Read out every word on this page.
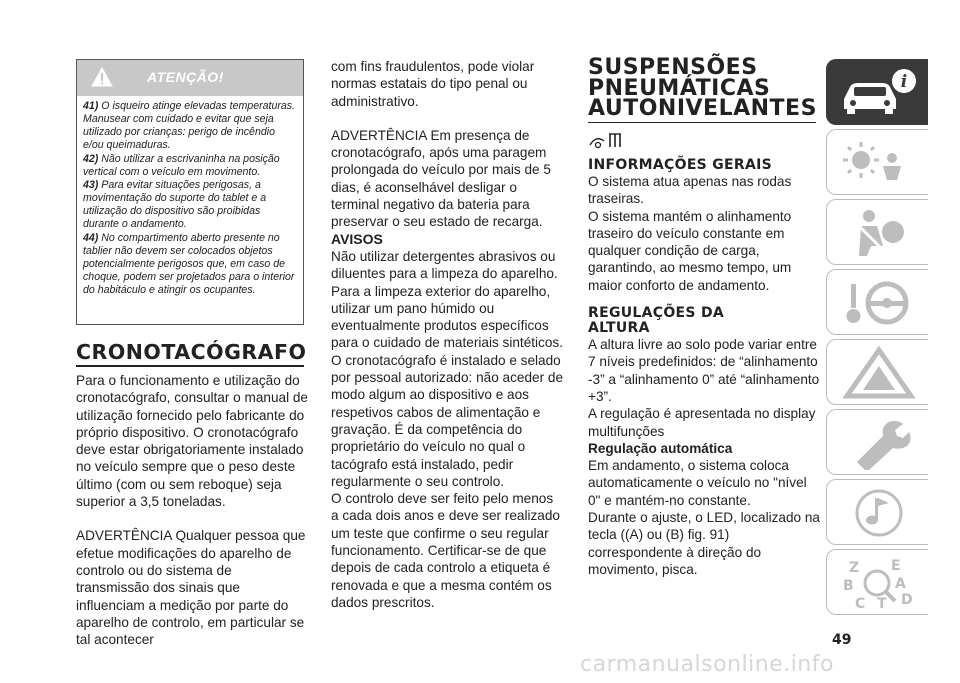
ATENÇÃO!

41) O isqueiro atinge elevadas temperaturas. Manusear com cuidado e evitar que seja utilizado por crianças: perigo de incêndio e/ou queimaduras.

42) Não utilizar a escrivaninha na posição vertical com o veículo em movimento.

43) Para evitar situações perigosas, a movimentação do suporte do tablet e a utilização do dispositivo são proibidas durante o andamento.

44) No compartimento aberto presente no tablier não devem ser colocados objetos potencialmente perigosos que, em caso de choque, podem ser projetados para o interior do habitáculo e atingir os ocupantes.

CRONOTACÓGRAFO

Para o funcionamento e utilização do cronotacógrafo, consultar o manual de utilização fornecido pelo fabricante do próprio dispositivo. O cronotacógrafo deve estar obrigatoriamente instalado no veículo sempre que o peso deste último (com ou sem reboque) seja superior a 3,5 toneladas.

ADVERTÊNCIA Qualquer pessoa que efetue modificações do aparelho de controlo ou do sistema de transmissão dos sinais que influenciam a medição por parte do aparelho de controlo, em particular se tal acontecer

com fins fraudulentos, pode violar normas estatais do tipo penal ou administrativo.

ADVERTÊNCIA Em presença de cronotacógrafo, após uma paragem prolongada do veículo por mais de 5 dias, é aconselhável desligar o terminal negativo da bateria para preservar o seu estado de recarga.

AVISOS

Não utilizar detergentes abrasivos ou diluentes para a limpeza do aparelho.

Para a limpeza exterior do aparelho, utilizar um pano húmido ou eventualmente produtos específicos para o cuidado de materiais sintéticos.

O cronotacógrafo é instalado e selado por pessoal autorizado: não aceder de modo algum ao dispositivo e aos respetivos cabos de alimentação e gravação. É da competência do proprietário do veículo no qual o tacógrafo está instalado, pedir regularmente o seu controlo.

O controlo deve ser feito pelo menos a cada dois anos e deve ser realizado um teste que confirme o seu regular funcionamento. Certificar-se de que depois de cada controlo a etiqueta é renovada e que a mesma contém os dados prescritos.

SUSPENSÕES
PNEUMÁTICAS
AUTONIVELANTES
INFORMAÇÕES GERAIS

O sistema atua apenas nas rodas traseiras.

O sistema mantém o alinhamento traseiro do veículo constante em qualquer condição de carga, garantindo, ao mesmo tempo, um maior conforto de andamento.

REGULAÇÕES DA
ALTURA

A altura livre ao solo pode variar entre 7 níveis predefinidos: de “alinhamento -3” a “alinhamento 0” até “alinhamento +3”.

A regulação é apresentada no display multifunções

Regulação automática

Em andamento, o sistema coloca automaticamente o veículo no "nível 0" e mantém-no constante.

Durante o ajuste, o LED, localizado na tecla ((A) ou (B) fig. 91) correspondente à direção do movimento, pisca.

i
Z E
B	A
C T D
49
carmanualsonline.info
